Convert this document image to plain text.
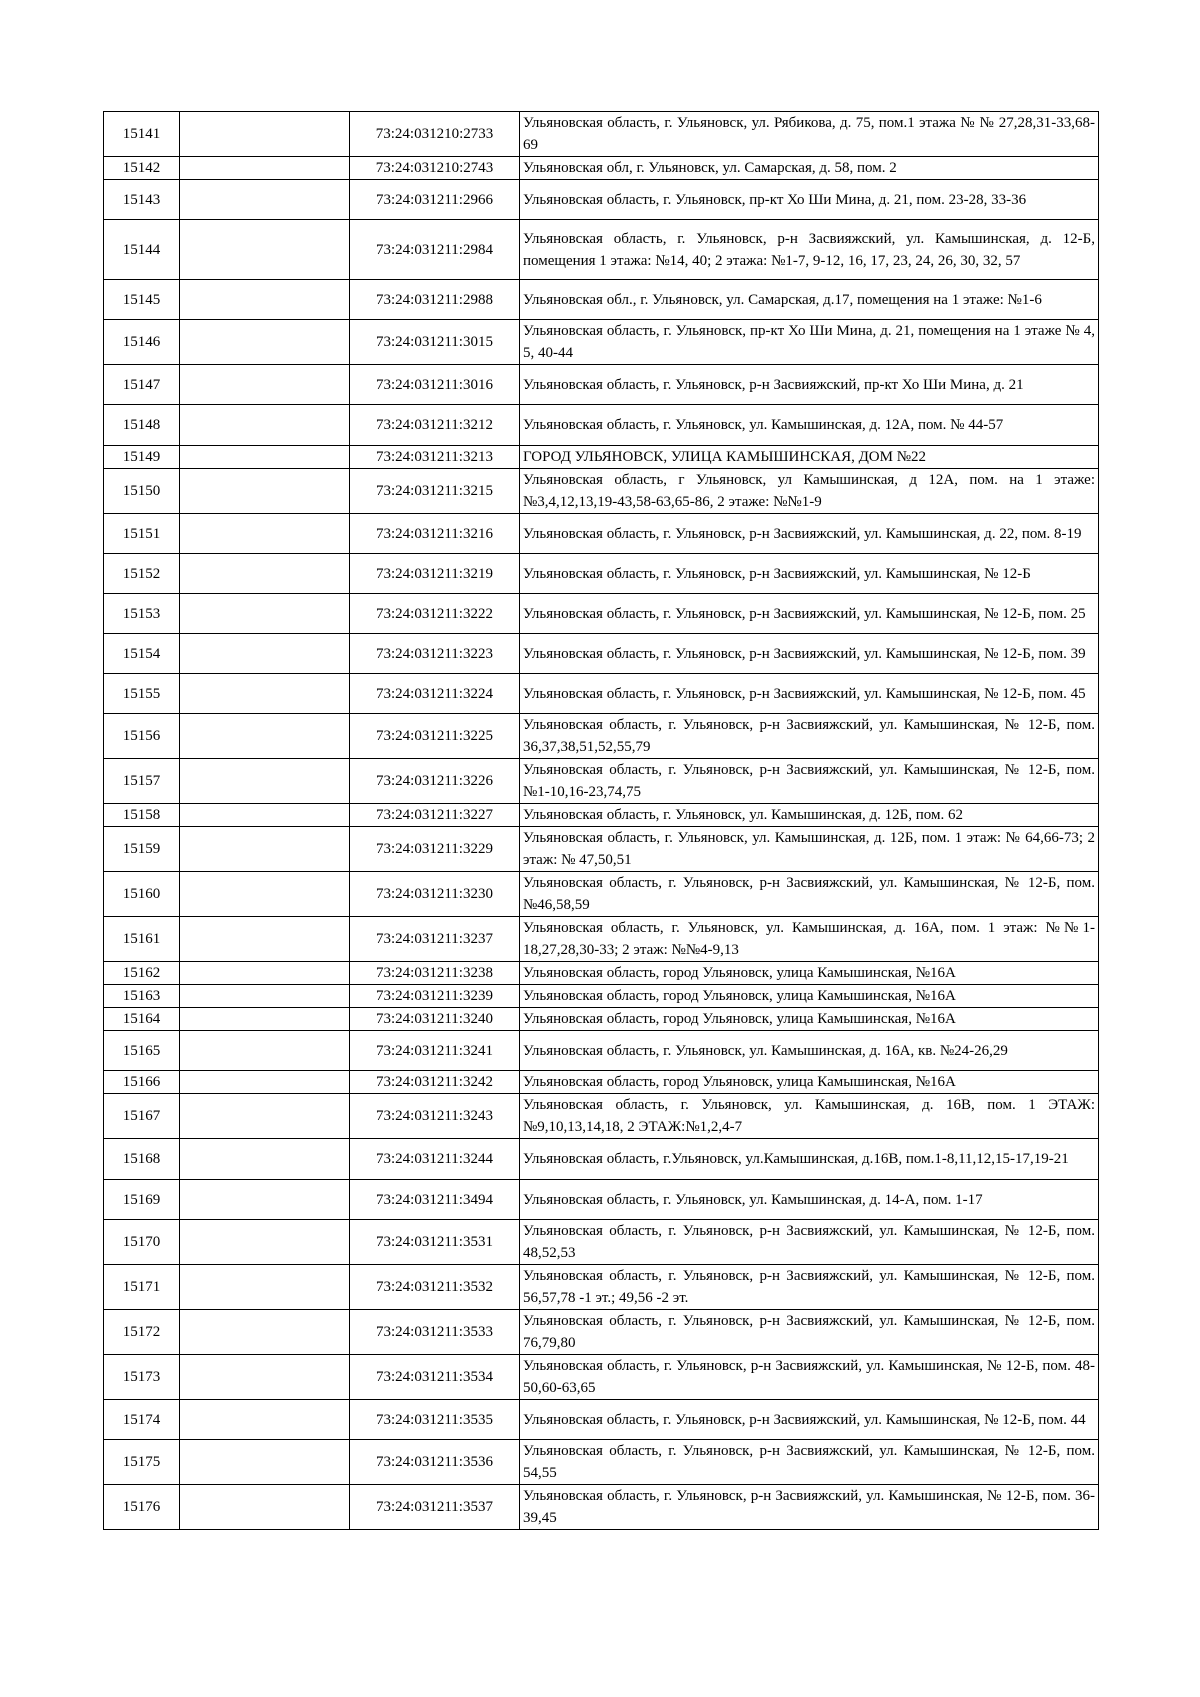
15141		73:24:031210:2733	Ульяновская область, г. Ульяновск, ул. Рябикова, д. 75, пом.1 этажа № № 27,28,31-33,68-69
15142		73:24:031210:2743	Ульяновская обл, г. Ульяновск, ул. Самарская, д. 58, пом. 2
15143		73:24:031211:2966	Ульяновская область, г. Ульяновск, пр-кт Хо Ши Мина, д. 21, пом. 23-28, 33-36
15144		73:24:031211:2984	Ульяновская область, г. Ульяновск, р-н Засвияжский, ул. Камышинская, д. 12-Б, помещения 1 этажа: №14, 40; 2 этажа: №1-7, 9-12, 16, 17, 23, 24, 26, 30, 32, 57
15145		73:24:031211:2988	Ульяновская обл., г. Ульяновск, ул. Самарская, д.17, помещения на 1 этаже: №1-6
15146		73:24:031211:3015	Ульяновская область, г. Ульяновск, пр-кт Хо Ши Мина, д. 21, помещения на 1 этаже № 4, 5, 40-44
15147		73:24:031211:3016	Ульяновская область, г. Ульяновск, р-н Засвияжский, пр-кт Хо Ши Мина, д. 21
15148		73:24:031211:3212	Ульяновская область, г. Ульяновск, ул. Камышинская, д. 12А, пом. № 44-57
15149		73:24:031211:3213	ГОРОД УЛЬЯНОВСК, УЛИЦА КАМЫШИНСКАЯ, ДОМ №22
15150		73:24:031211:3215	Ульяновская область, г Ульяновск, ул Камышинская, д 12А, пом. на 1 этаже: №3,4,12,13,19-43,58-63,65-86, 2 этаже: №№1-9
15151		73:24:031211:3216	Ульяновская область, г. Ульяновск, р-н Засвияжский, ул. Камышинская, д. 22, пом. 8-19
15152		73:24:031211:3219	Ульяновская область, г. Ульяновск, р-н Засвияжский, ул. Камышинская, № 12-Б
15153		73:24:031211:3222	Ульяновская область, г. Ульяновск, р-н Засвияжский, ул. Камышинская, № 12-Б, пом. 25
15154		73:24:031211:3223	Ульяновская область, г. Ульяновск, р-н Засвияжский, ул. Камышинская, № 12-Б, пом. 39
15155		73:24:031211:3224	Ульяновская область, г. Ульяновск, р-н Засвияжский, ул. Камышинская, № 12-Б, пом. 45
15156		73:24:031211:3225	Ульяновская область, г. Ульяновск, р-н Засвияжский, ул. Камышинская, № 12-Б, пом. 36,37,38,51,52,55,79
15157		73:24:031211:3226	Ульяновская область, г. Ульяновск, р-н Засвияжский, ул. Камышинская, № 12-Б, пом. №1-10,16-23,74,75
15158		73:24:031211:3227	Ульяновская область, г. Ульяновск, ул. Камышинская, д. 12Б, пом. 62
15159		73:24:031211:3229	Ульяновская область, г. Ульяновск, ул. Камышинская, д. 12Б, пом. 1 этаж: № 64,66-73; 2 этаж: № 47,50,51
15160		73:24:031211:3230	Ульяновская область, г. Ульяновск, р-н Засвияжский, ул. Камышинская, № 12-Б, пом. №46,58,59
15161		73:24:031211:3237	Ульяновская область, г. Ульяновск, ул. Камышинская, д. 16А, пом. 1 этаж: №№1-18,27,28,30-33; 2 этаж: №№4-9,13
15162		73:24:031211:3238	Ульяновская область, город Ульяновск, улица Камышинская, №16А
15163		73:24:031211:3239	Ульяновская область, город Ульяновск, улица Камышинская, №16А
15164		73:24:031211:3240	Ульяновская область, город Ульяновск, улица Камышинская, №16А
15165		73:24:031211:3241	Ульяновская область, г. Ульяновск, ул. Камышинская, д. 16А, кв. №24-26,29
15166		73:24:031211:3242	Ульяновская область, город Ульяновск, улица Камышинская, №16А
15167		73:24:031211:3243	Ульяновская область, г. Ульяновск, ул. Камышинская, д. 16В, пом. 1 ЭТАЖ:№9,10,13,14,18, 2 ЭТАЖ:№1,2,4-7
15168		73:24:031211:3244	Ульяновская область, г.Ульяновск, ул.Камышинская, д.16В, пом.1-8,11,12,15-17,19-21
15169		73:24:031211:3494	Ульяновская область, г. Ульяновск, ул. Камышинская, д. 14-А, пом. 1-17
15170		73:24:031211:3531	Ульяновская область, г. Ульяновск, р-н Засвияжский, ул. Камышинская, № 12-Б, пом. 48,52,53
15171		73:24:031211:3532	Ульяновская область, г. Ульяновск, р-н Засвияжский, ул. Камышинская, № 12-Б, пом. 56,57,78 -1 эт.; 49,56 -2 эт.
15172		73:24:031211:3533	Ульяновская область, г. Ульяновск, р-н Засвияжский, ул. Камышинская, № 12-Б, пом. 76,79,80
15173		73:24:031211:3534	Ульяновская область, г. Ульяновск, р-н Засвияжский, ул. Камышинская, № 12-Б, пом. 48-50,60-63,65
15174		73:24:031211:3535	Ульяновская область, г. Ульяновск, р-н Засвияжский, ул. Камышинская, № 12-Б, пом. 44
15175		73:24:031211:3536	Ульяновская область, г. Ульяновск, р-н Засвияжский, ул. Камышинская, № 12-Б, пом. 54,55
15176		73:24:031211:3537	Ульяновская область, г. Ульяновск, р-н Засвияжский, ул. Камышинская, № 12-Б, пом. 36-39,45
